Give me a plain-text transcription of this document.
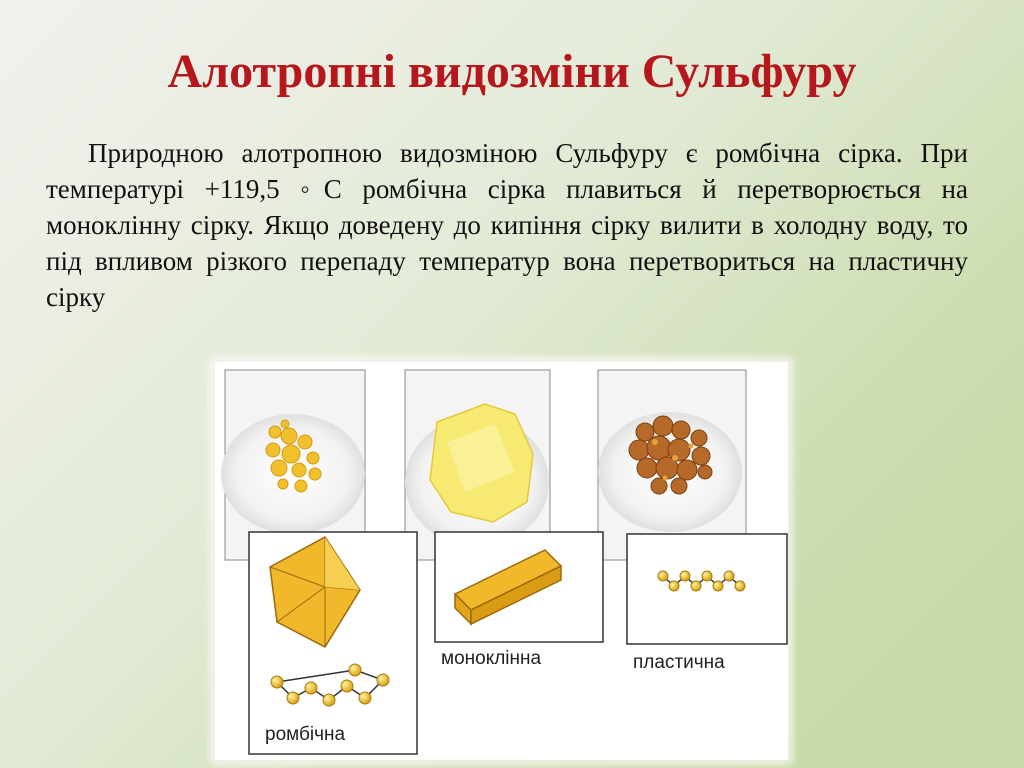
Алотропні видозміни Сульфуру
Природною алотропною видозміною Сульфуру є ромбічна сірка. При температурі +119,5 ◦С ромбічна сірка плавиться й перетворюється на моноклінну сірку. Якщо доведену до кипіння сірку вилити в холодну воду, то під впливом різкого перепаду температур вона перетвориться на пластичну сірку
ромбічна
моноклінна	пластична
